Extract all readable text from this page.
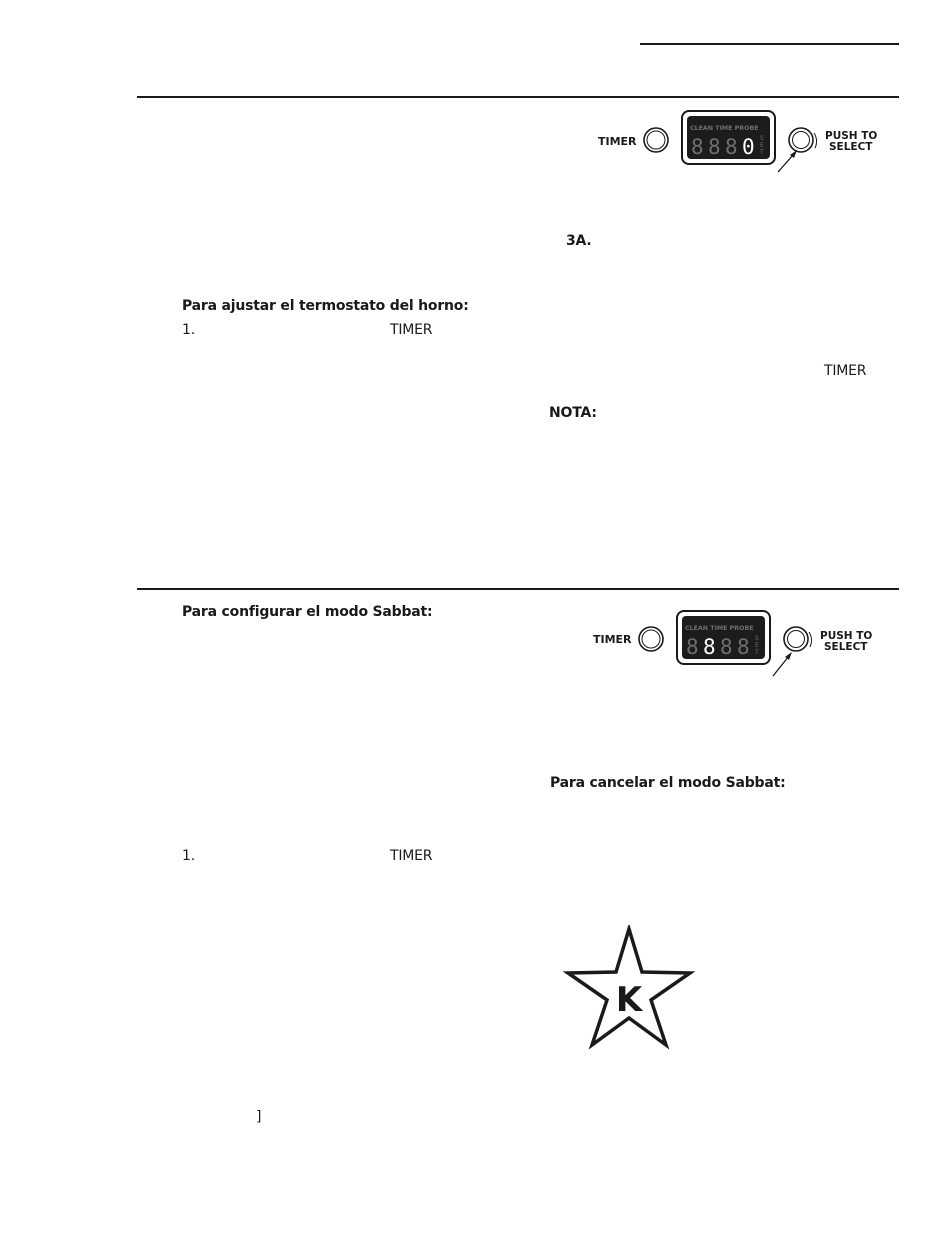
TIMER
CLEAN TIME PROBE
8 8 8 0 S
E
T
PUSH TO
SELECT
3A.
Para ajustar el termostato del horno:
1.	TIMER
TIMER
NOTA:
Para configurar el modo Sabbat:
TIMER
CLEAN TIME PROBE
8 8 8 8 S
E
T
PUSH TO
SELECT
Para cancelar el modo Sabbat:
1.	TIMER
K
]
